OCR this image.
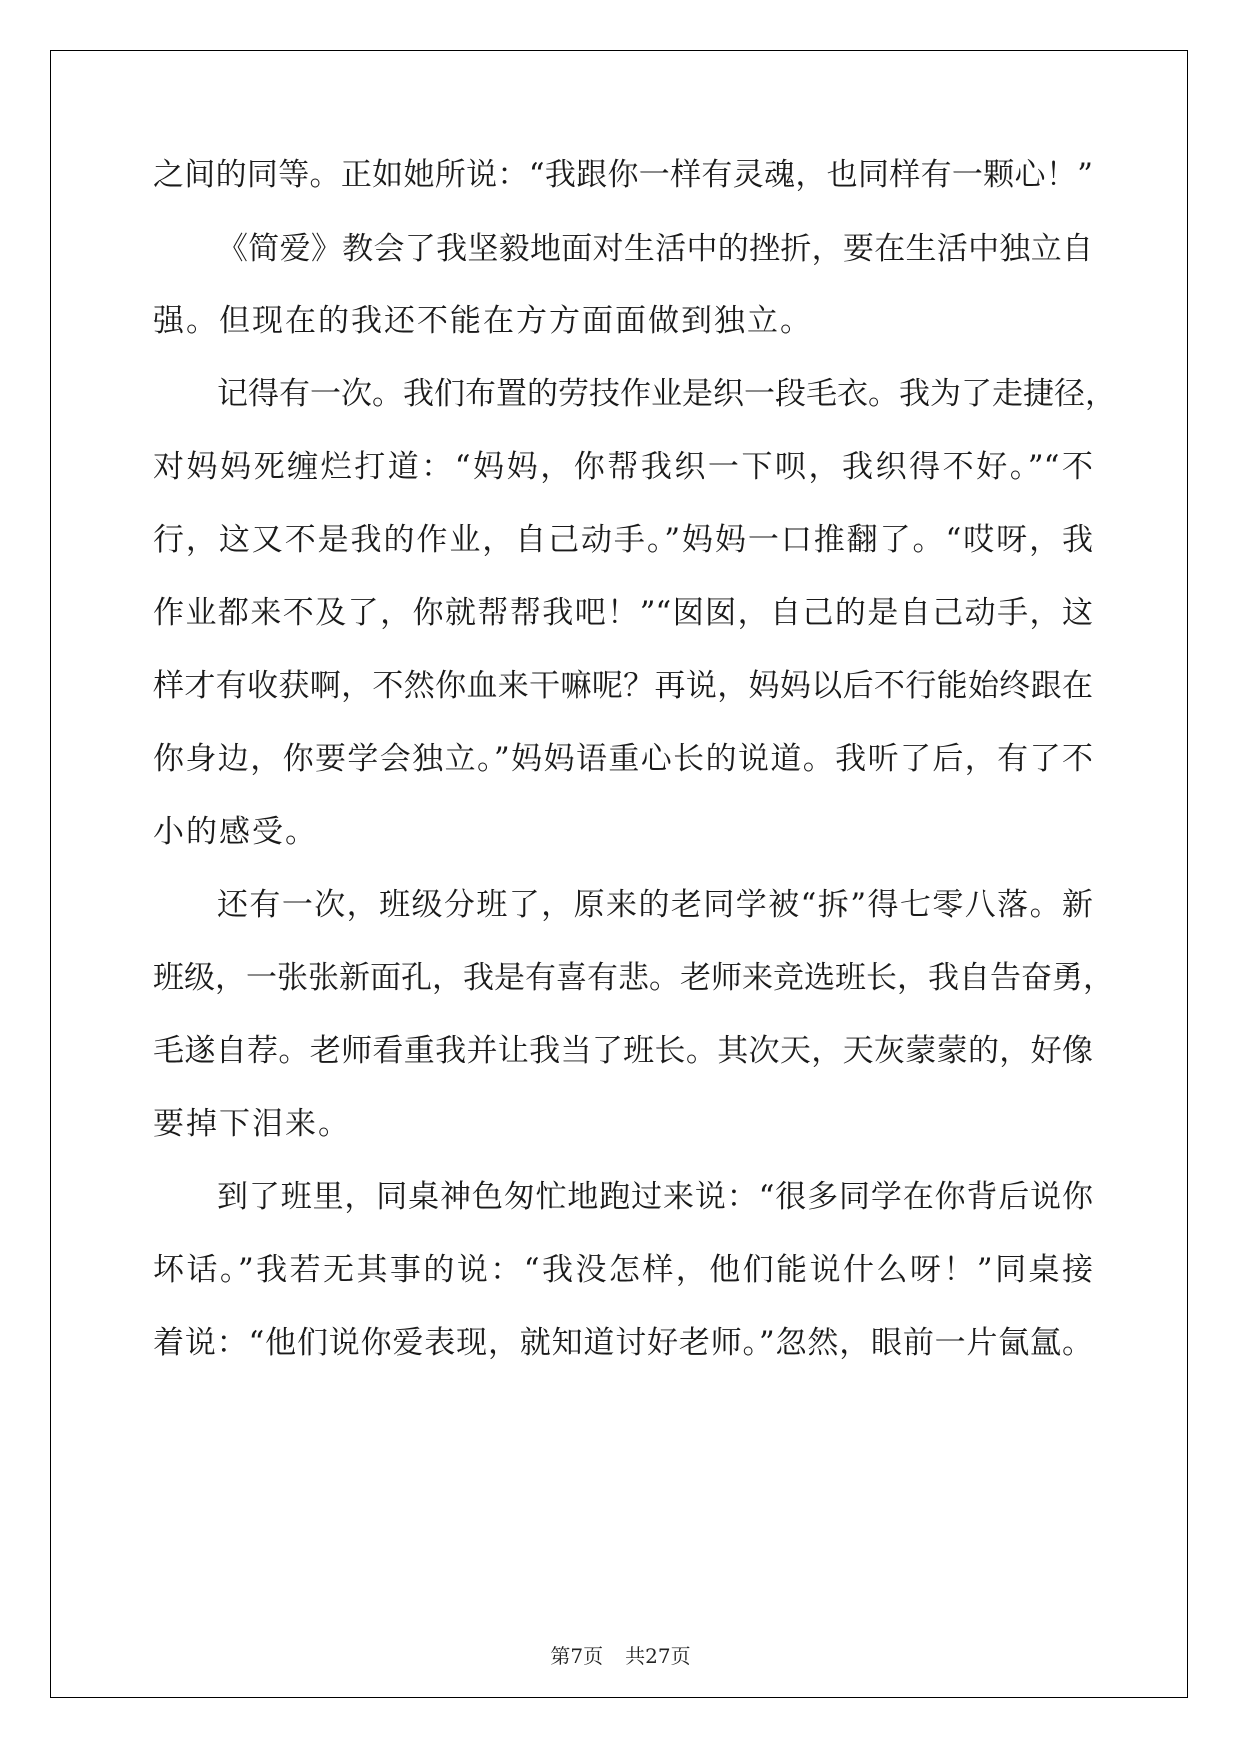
之间的同等。正如她所说：“我跟你一样有灵魂，也同样有一颗心！”
《简爱》教会了我坚毅地面对生活中的挫折，要在生活中独立自
强。但现在的我还不能在方方面面做到独立。
记得有一次。我们布置的劳技作业是织一段毛衣。我为了走捷径，
对妈妈死缠烂打道：“妈妈，你帮我织一下呗，我织得不好。”“不
行，这又不是我的作业，自己动手。”妈妈一口推翻了。“哎呀，我
作业都来不及了，你就帮帮我吧！”“囡囡，自己的是自己动手，这
样才有收获啊，不然你血来干嘛呢？再说，妈妈以后不行能始终跟在
你身边，你要学会独立。”妈妈语重心长的说道。我听了后，有了不
小的感受。
还有一次，班级分班了，原来的老同学被“拆”得七零八落。新
班级，一张张新面孔，我是有喜有悲。老师来竞选班长，我自告奋勇，
毛遂自荐。老师看重我并让我当了班长。其次天，天灰蒙蒙的，好像
要掉下泪来。
到了班里，同桌神色匆忙地跑过来说：“很多同学在你背后说你
坏话。”我若无其事的说：“我没怎样，他们能说什么呀！”同桌接
着说：“他们说你爱表现，就知道讨好老师。”忽然，眼前一片氤氲。
第7页 共27页
